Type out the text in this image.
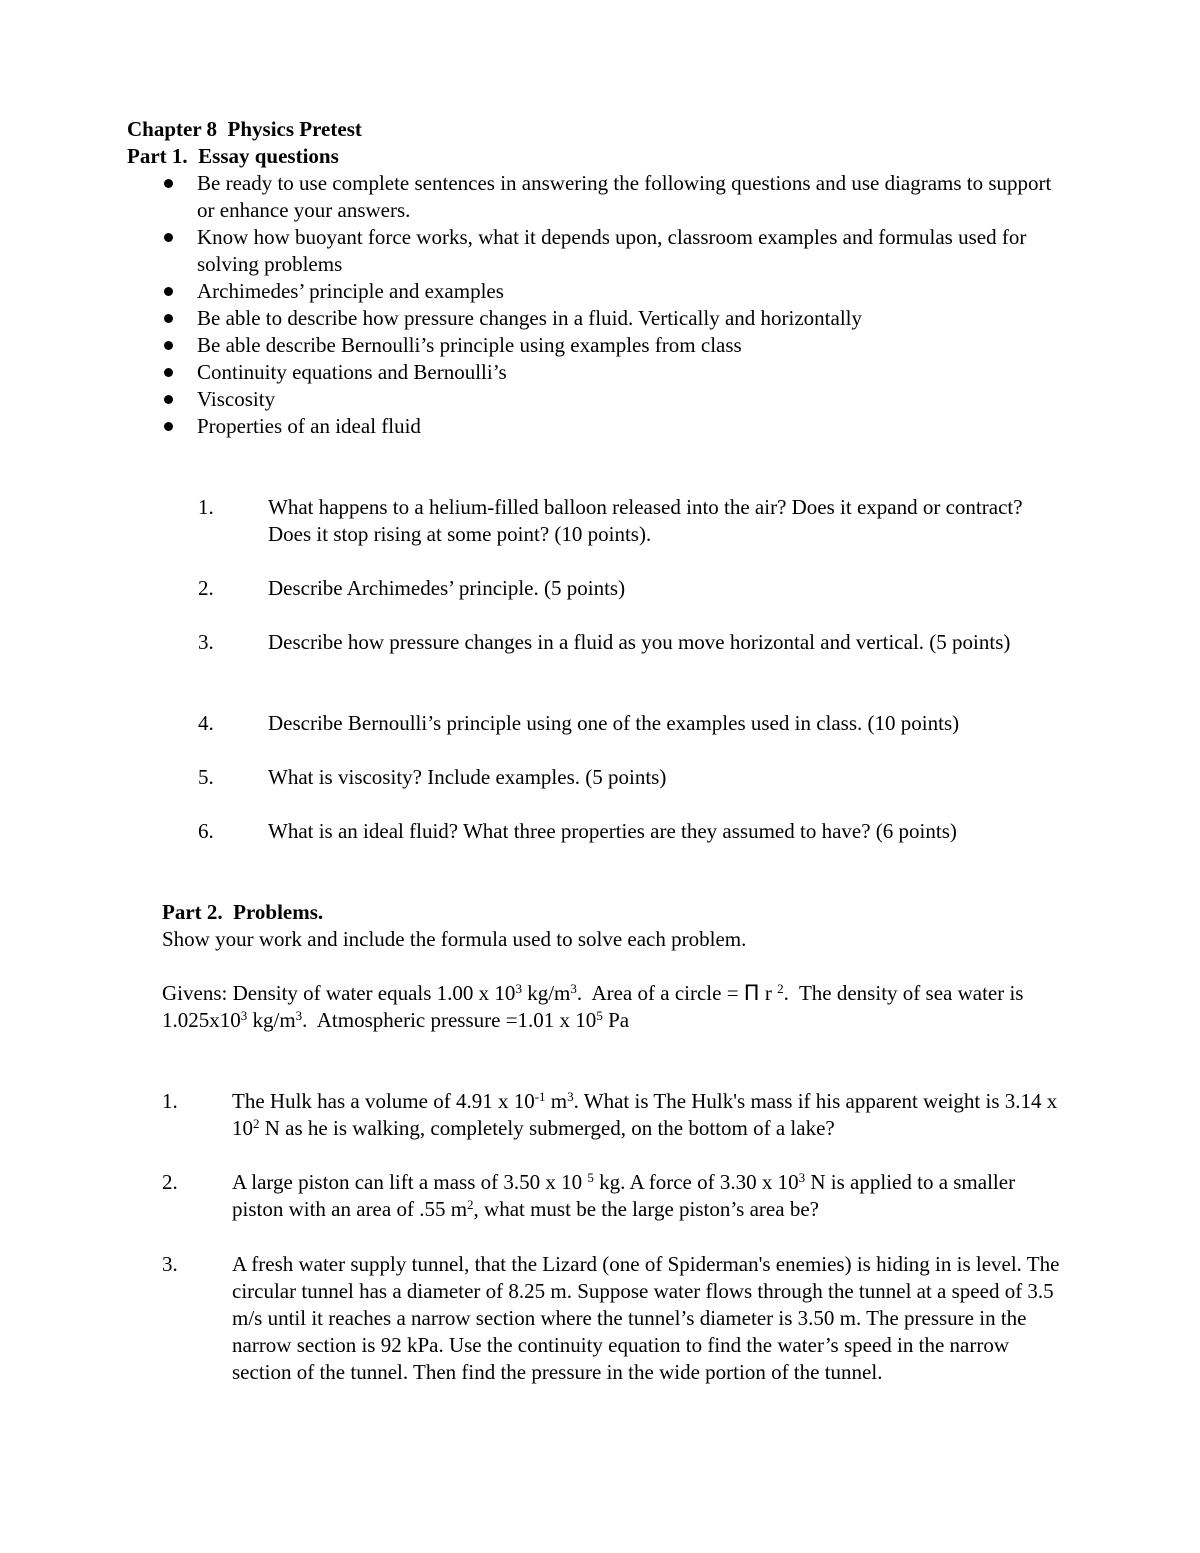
Chapter 8  Physics Pretest
Part 1.  Essay questions
Be ready to use complete sentences in answering the following questions and use diagrams to support or enhance your answers.
Know how buoyant force works, what it depends upon, classroom examples and formulas used for solving problems
Archimedes’ principle and examples
Be able to describe how pressure changes in a fluid. Vertically and horizontally
Be able describe Bernoulli’s principle using examples from class
Continuity equations and Bernoulli’s
Viscosity
Properties of an ideal fluid
1.	What happens to a helium-filled balloon released into the air? Does it expand or contract? Does it stop rising at some point? (10 points).
2.	Describe Archimedes’ principle. (5 points)
3.	Describe how pressure changes in a fluid as you move horizontal and vertical. (5 points)
4.	Describe Bernoulli’s principle using one of the examples used in class. (10 points)
5.	What is viscosity? Include examples. (5 points)
6.	What is an ideal fluid? What three properties are they assumed to have? (6 points)
Part 2.  Problems.
Show your work and include the formula used to solve each problem.
Givens: Density of water equals 1.00 x $10^3$ $kg/m^3$.  Area of a circle = Π r $^2$.  The density of sea water is $1.025x10^3$ $kg/m^3$.  Atmospheric pressure =1.01 x $10^5$ Pa
1.	The Hulk has a volume of 4.91 x $10^{-1}$ $m^3$. What is The Hulk's mass if his apparent weight is 3.14 x $10^2$ N as he is walking, completely submerged, on the bottom of a lake?
2.	A large piston can lift a mass of 3.50 x 10 $^5$ kg. A force of 3.30 x $10^3$ N is applied to a smaller piston with an area of .55 $m^2$, what must be the large piston’s area be?
3.	A fresh water supply tunnel, that the Lizard (one of Spiderman's enemies) is hiding in is level. The circular tunnel has a diameter of 8.25 m. Suppose water flows through the tunnel at a speed of 3.5 m/s until it reaches a narrow section where the tunnel’s diameter is 3.50 m. The pressure in the narrow section is 92 kPa. Use the continuity equation to find the water’s speed in the narrow section of the tunnel. Then find the pressure in the wide portion of the tunnel.
